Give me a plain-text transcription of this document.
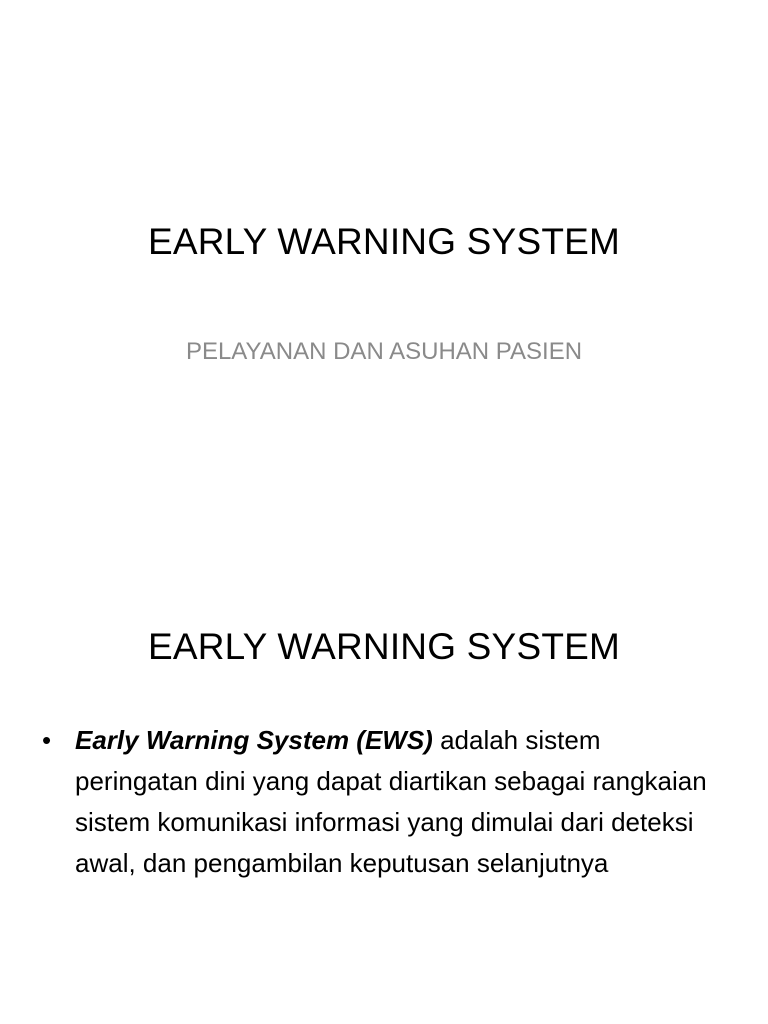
EARLY WARNING SYSTEM

PELAYANAN DAN ASUHAN PASIEN

EARLY WARNING SYSTEM
• Early Warning System (EWS) adalah sistem peringatan dini yang dapat diartikan sebagai rangkaian sistem komunikasi informasi yang dimulai dari deteksi awal, dan pengambilan keputusan selanjutnya
